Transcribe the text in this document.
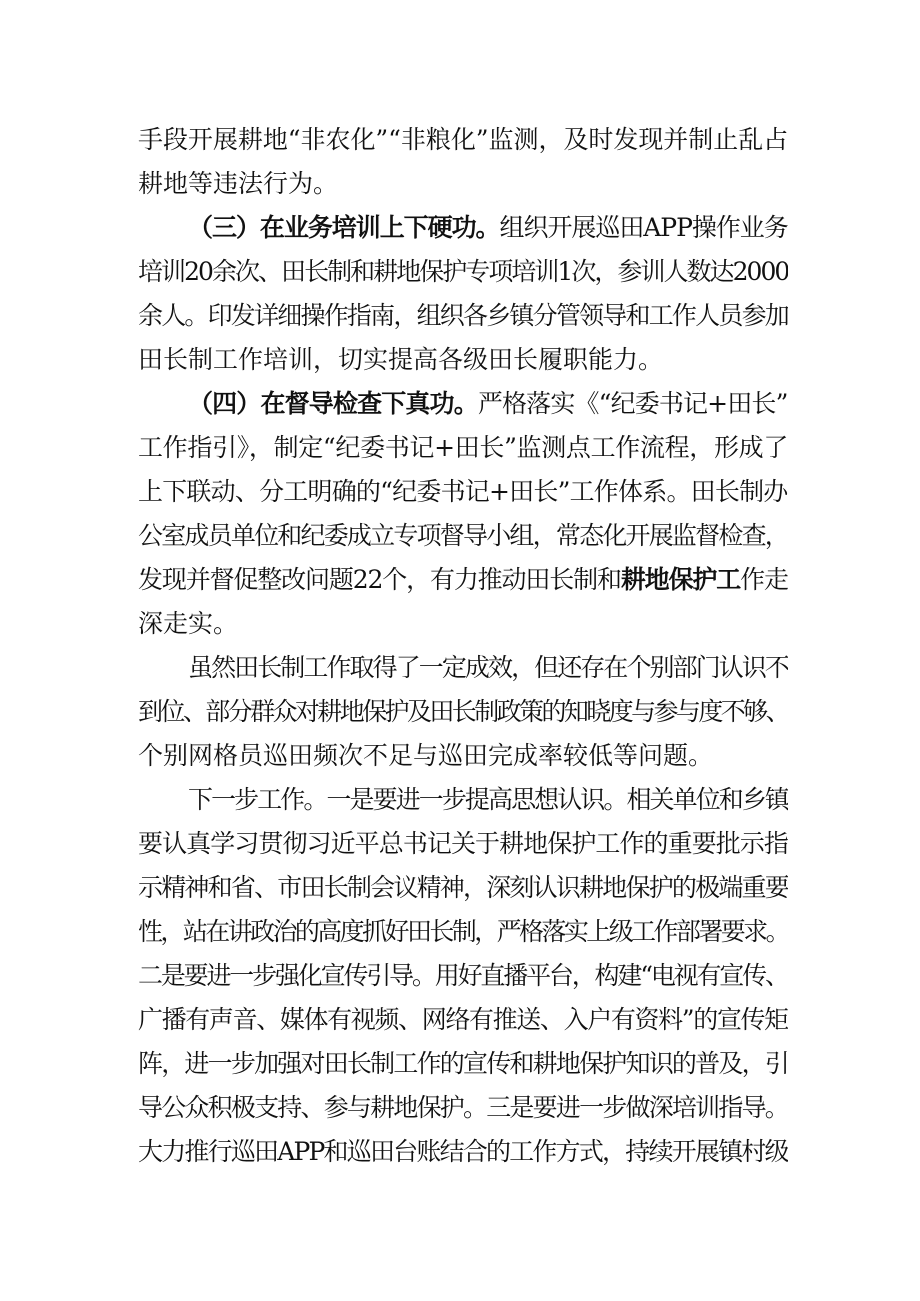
手段开展耕地“非农化”“非粮化”监测，及时发现并制止乱占
耕地等违法行为。
（三）在业务培训上下硬功。组织开展巡田APP操作业务
培训20余次、田长制和耕地保护专项培训1次，参训人数达2000
余人。印发详细操作指南，组织各乡镇分管领导和工作人员参加
田长制工作培训，切实提高各级田长履职能力。
（四）在督导检查下真功。严格落实《“纪委书记+田长”
工作指引》，制定“纪委书记+田长”监测点工作流程，形成了
上下联动、分工明确的“纪委书记+田长”工作体系。田长制办
公室成员单位和纪委成立专项督导小组，常态化开展监督检查，
发现并督促整改问题22个，有力推动田长制和耕地保护工作走
深走实。
虽然田长制工作取得了一定成效，但还存在个别部门认识不
到位、部分群众对耕地保护及田长制政策的知晓度与参与度不够、
个别网格员巡田频次不足与巡田完成率较低等问题。
下一步工作。一是要进一步提高思想认识。相关单位和乡镇
要认真学习贯彻习近平总书记关于耕地保护工作的重要批示指
示精神和省、市田长制会议精神，深刻认识耕地保护的极端重要
性，站在讲政治的高度抓好田长制，严格落实上级工作部署要求。
二是要进一步强化宣传引导。用好直播平台，构建“电视有宣传、
广播有声音、媒体有视频、网络有推送、入户有资料”的宣传矩
阵，进一步加强对田长制工作的宣传和耕地保护知识的普及，引
导公众积极支持、参与耕地保护。三是要进一步做深培训指导。
大力推行巡田APP和巡田台账结合的工作方式，持续开展镇村级
